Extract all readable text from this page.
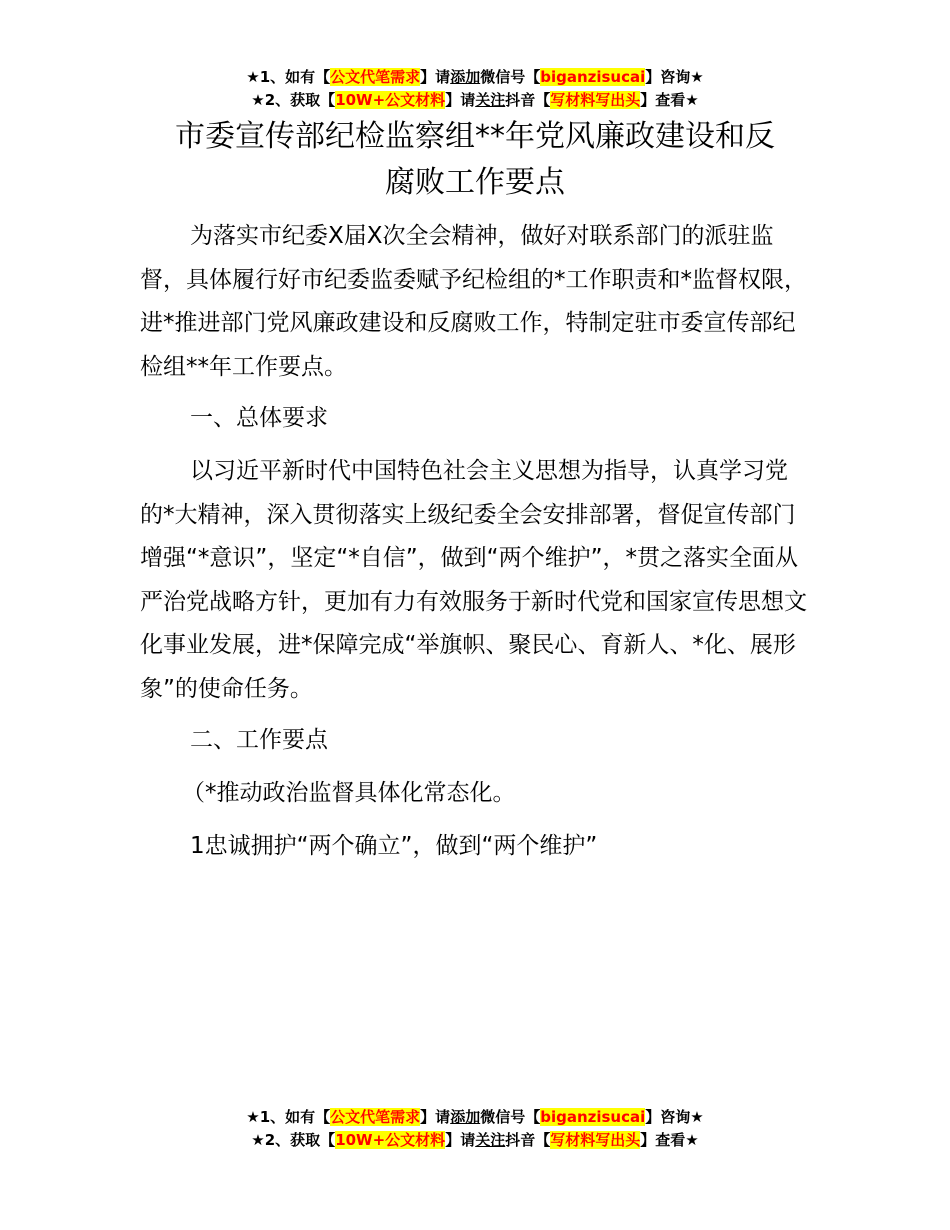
★1、如有【公文代笔需求】请添加微信号【biganzisucai】咨询★
★2、获取【10W+公文材料】请关注抖音【写材料写出头】查看★
市委宣传部纪检监察组**年党风廉政建设和反
腐败工作要点

为落实市纪委X届X次全会精神，做好对联系部门的派驻监督，具体履行好市纪委监委赋予纪检组的*工作职责和*监督权限，进*推进部门党风廉政建设和反腐败工作，特制定驻市委宣传部纪检组**年工作要点。

一、总体要求

以习近平新时代中国特色社会主义思想为指导，认真学习党的*大精神，深入贯彻落实上级纪委全会安排部署，督促宣传部门增强“*意识”，坚定“*自信”，做到“两个维护”，*贯之落实全面从严治党战略方针，更加有力有效服务于新时代党和国家宣传思想文化事业发展，进*保障完成“举旗帜、聚民心、育新人、*化、展形象”的使命任务。

二、工作要点

（*推动政治监督具体化常态化。

1忠诚拥护“两个确立”，做到“两个维护”

★1、如有【公文代笔需求】请添加微信号【biganzisucai】咨询★
★2、获取【10W+公文材料】请关注抖音【写材料写出头】查看★
